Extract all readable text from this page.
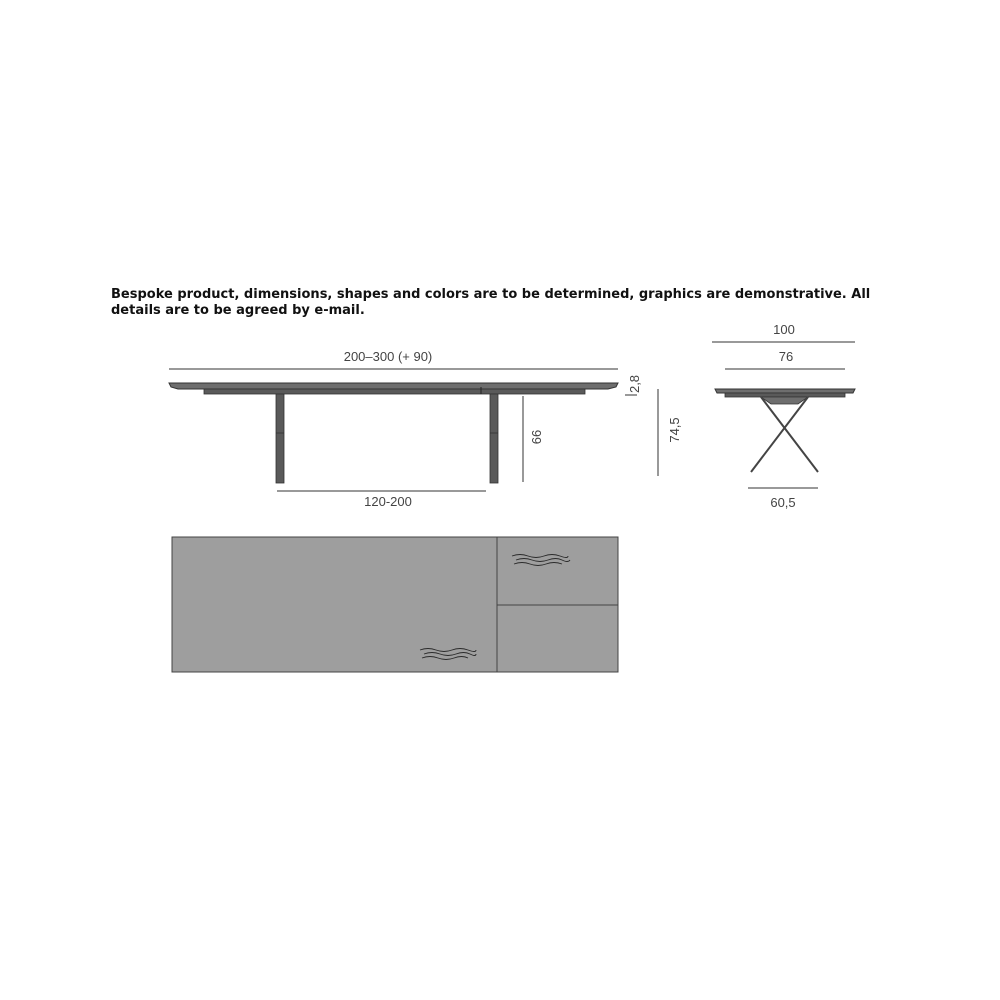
Bespoke product, dimensions, shapes and colors are to be determined, graphics are demonstrative. All details are to be agreed by e-mail.

200–300 (+ 90)
2,8
66	74,5
120-200
100
76
60,5
